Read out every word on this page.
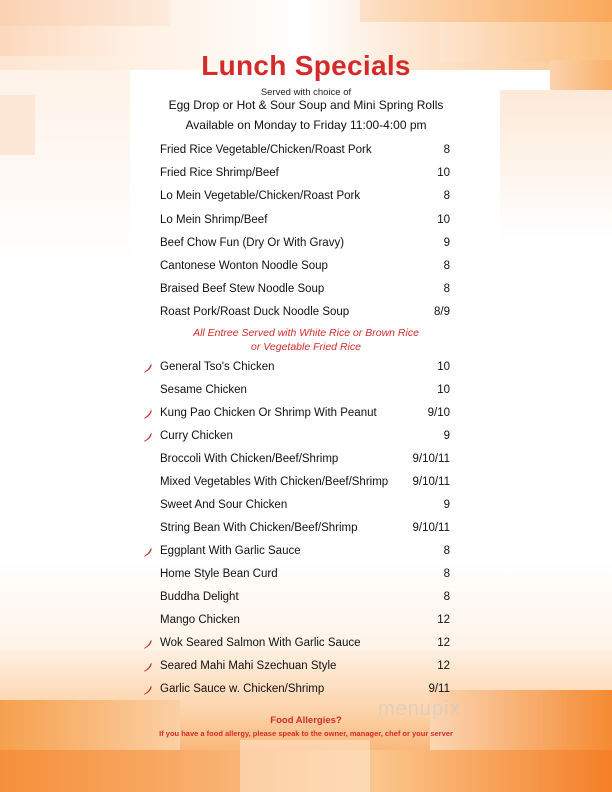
Lunch Specials
Served with choice of
Egg Drop or Hot & Sour Soup and Mini Spring Rolls
Available on Monday to Friday 11:00-4:00 pm
Fried Rice Vegetable/Chicken/Roast Pork	8
Fried Rice Shrimp/Beef	10
Lo Mein Vegetable/Chicken/Roast Pork	8
Lo Mein Shrimp/Beef	10
Beef Chow Fun (Dry Or With Gravy)	9
Cantonese Wonton Noodle Soup	8
Braised Beef Stew Noodle Soup	8
Roast Pork/Roast Duck Noodle Soup	8/9
All Entree Served with White Rice or Brown Rice
or Vegetable Fried Rice
General Tso's Chicken	10
Sesame Chicken	10
Kung Pao Chicken Or Shrimp With Peanut	9/10
Curry Chicken	9
Broccoli With Chicken/Beef/Shrimp	9/10/11
Mixed Vegetables With Chicken/Beef/Shrimp 9/10/11
Sweet And Sour Chicken	9
String Bean With Chicken/Beef/Shrimp	9/10/11
Eggplant With Garlic Sauce	8
Home Style Bean Curd	8
Buddha Delight	8
Mango Chicken	12
Wok Seared Salmon With Garlic Sauce	12
Seared Mahi Mahi Szechuan Style	12
Garlic Sauce w. Chicken/Shrimp	9/11
menupix
Food Allergies?
If you have a food allergy, please speak to the owner, manager, chef or your server
